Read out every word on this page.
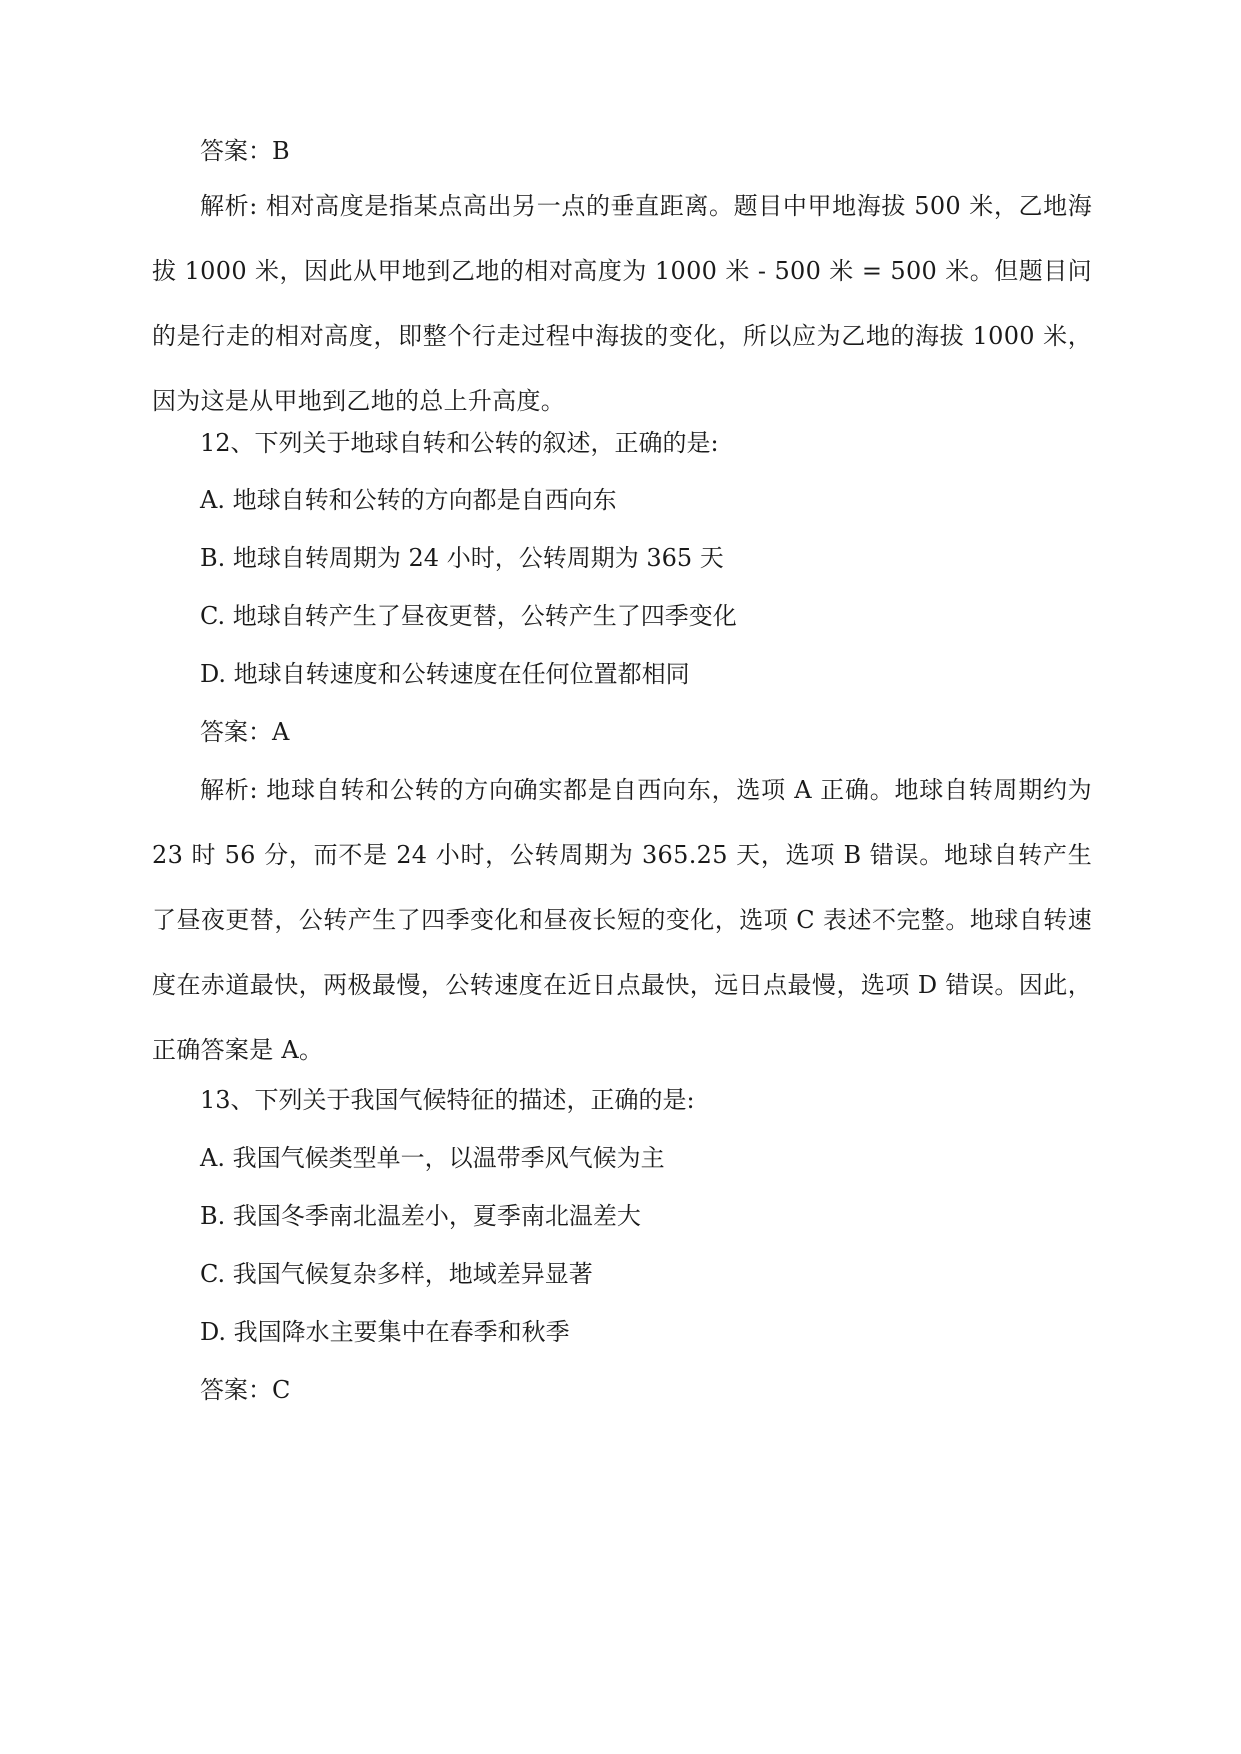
答案：B
解析: 相对高度是指某点高出另一点的垂直距离。题目中甲地海拔 500 米，乙地海拔 1000 米，因此从甲地到乙地的相对高度为 1000 米 - 500 米 = 500 米。但题目问的是行走的相对高度，即整个行走过程中海拔的变化，所以应为乙地的海拔 1000 米，因为这是从甲地到乙地的总上升高度。
12、下列关于地球自转和公转的叙述，正确的是:
A. 地球自转和公转的方向都是自西向东
B. 地球自转周期为 24 小时，公转周期为 365 天
C. 地球自转产生了昼夜更替，公转产生了四季变化
D. 地球自转速度和公转速度在任何位置都相同
答案：A
解析: 地球自转和公转的方向确实都是自西向东，选项 A 正确。地球自转周期约为 23 时 56 分，而不是 24 小时，公转周期为 365.25 天，选项 B 错误。地球自转产生了昼夜更替，公转产生了四季变化和昼夜长短的变化，选项 C 表述不完整。地球自转速度在赤道最快，两极最慢，公转速度在近日点最快，远日点最慢，选项 D 错误。因此，正确答案是 A。
13、下列关于我国气候特征的描述，正确的是:
A. 我国气候类型单一，以温带季风气候为主
B. 我国冬季南北温差小，夏季南北温差大
C. 我国气候复杂多样，地域差异显著
D. 我国降水主要集中在春季和秋季
答案：C
